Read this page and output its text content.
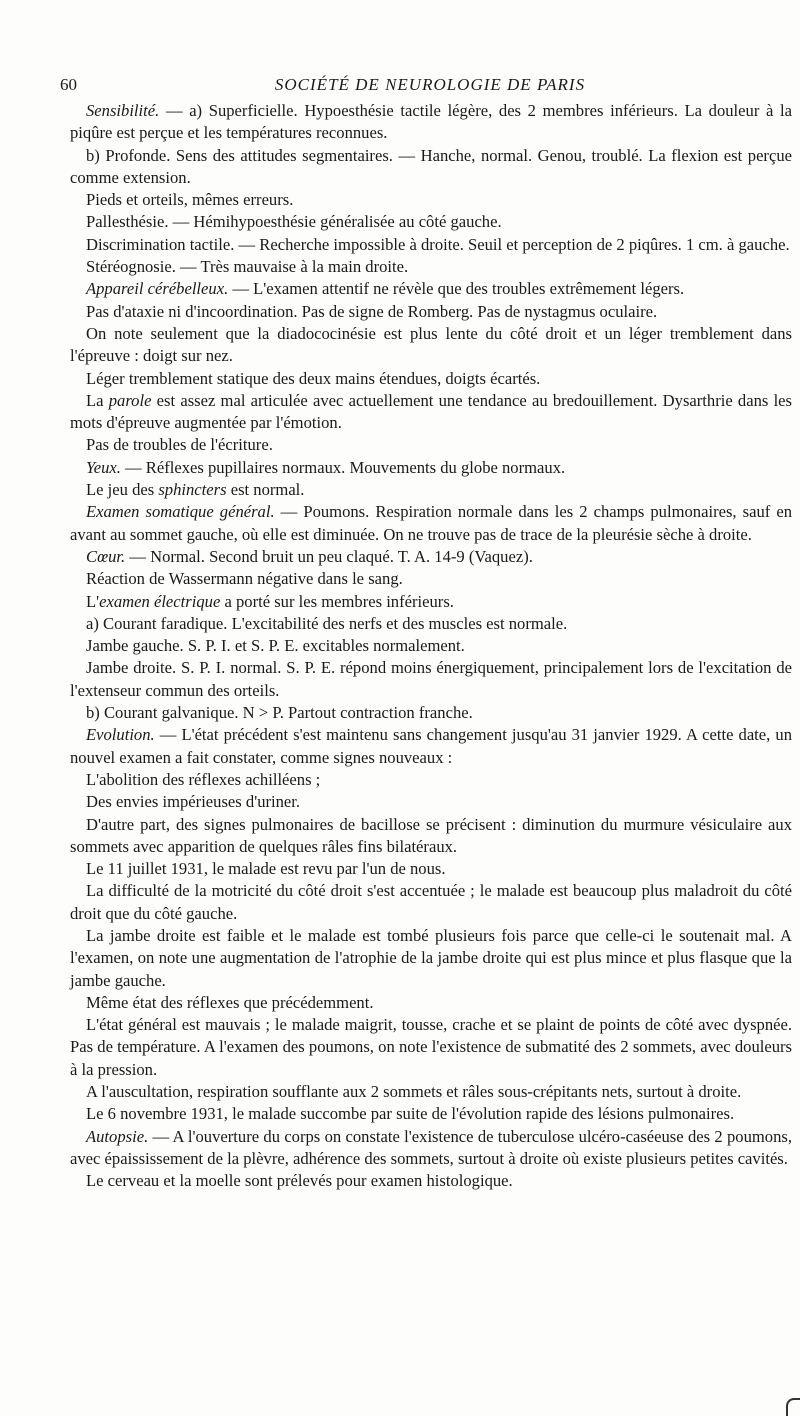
60	SOCIÉTÉ DE NEUROLOGIE DE PARIS

Sensibilité. — a) Superficielle. Hypoesthésie tactile légère, des 2 membres inférieurs. La douleur à la piqûre est perçue et les températures reconnues.

b) Profonde. Sens des attitudes segmentaires. — Hanche, normal. Genou, troublé. La flexion est perçue comme extension.

Pieds et orteils, mêmes erreurs.

Pallesthésie. — Hémihypoesthésie généralisée au côté gauche.

Discrimination tactile. — Recherche impossible à droite. Seuil et perception de 2 piqûres. 1 cm. à gauche.

Stéréognosie. — Très mauvaise à la main droite.

Appareil cérébelleux. — L'examen attentif ne révèle que des troubles extrêmement légers.

Pas d'ataxie ni d'incoordination. Pas de signe de Romberg. Pas de nystagmus oculaire.

On note seulement que la diadococinésie est plus lente du côté droit et un léger tremblement dans l'épreuve : doigt sur nez.

Léger tremblement statique des deux mains étendues, doigts écartés.

La parole est assez mal articulée avec actuellement une tendance au bredouillement. Dysarthrie dans les mots d'épreuve augmentée par l'émotion.

Pas de troubles de l'écriture.

Yeux. — Réflexes pupillaires normaux. Mouvements du globe normaux.

Le jeu des sphincters est normal.

Examen somatique général. — Poumons. Respiration normale dans les 2 champs pulmonaires, sauf en avant au sommet gauche, où elle est diminuée. On ne trouve pas de trace de la pleurésie sèche à droite.

Cœur. — Normal. Second bruit un peu claqué. T. A. 14-9 (Vaquez).

Réaction de Wassermann négative dans le sang.

L'examen électrique a porté sur les membres inférieurs.

a) Courant faradique. L'excitabilité des nerfs et des muscles est normale.

Jambe gauche. S. P. I. et S. P. E. excitables normalement.

Jambe droite. S. P. I. normal. S. P. E. répond moins énergiquement, principalement lors de l'excitation de l'extenseur commun des orteils.

b) Courant galvanique. N > P. Partout contraction franche.

Evolution. — L'état précédent s'est maintenu sans changement jusqu'au 31 janvier 1929. A cette date, un nouvel examen a fait constater, comme signes nouveaux :

L'abolition des réflexes achilléens ;

Des envies impérieuses d'uriner.

D'autre part, des signes pulmonaires de bacillose se précisent : diminution du murmure vésiculaire aux sommets avec apparition de quelques râles fins bilatéraux.

Le 11 juillet 1931, le malade est revu par l'un de nous.

La difficulté de la motricité du côté droit s'est accentuée ; le malade est beaucoup plus maladroit du côté droit que du côté gauche.

La jambe droite est faible et le malade est tombé plusieurs fois parce que celle-ci le soutenait mal. A l'examen, on note une augmentation de l'atrophie de la jambe droite qui est plus mince et plus flasque que la jambe gauche.

Même état des réflexes que précédemment.

L'état général est mauvais ; le malade maigrit, tousse, crache et se plaint de points de côté avec dyspnée. Pas de température. A l'examen des poumons, on note l'existence de submatité des 2 sommets, avec douleurs à la pression.

A l'auscultation, respiration soufflante aux 2 sommets et râles sous-crépitants nets, surtout à droite.

Le 6 novembre 1931, le malade succombe par suite de l'évolution rapide des lésions pulmonaires.

Autopsie. — A l'ouverture du corps on constate l'existence de tuberculose ulcéro-caséeuse des 2 poumons, avec épaississement de la plèvre, adhérence des sommets, surtout à droite où existe plusieurs petites cavités.

Le cerveau et la moelle sont prélevés pour examen histologique.
